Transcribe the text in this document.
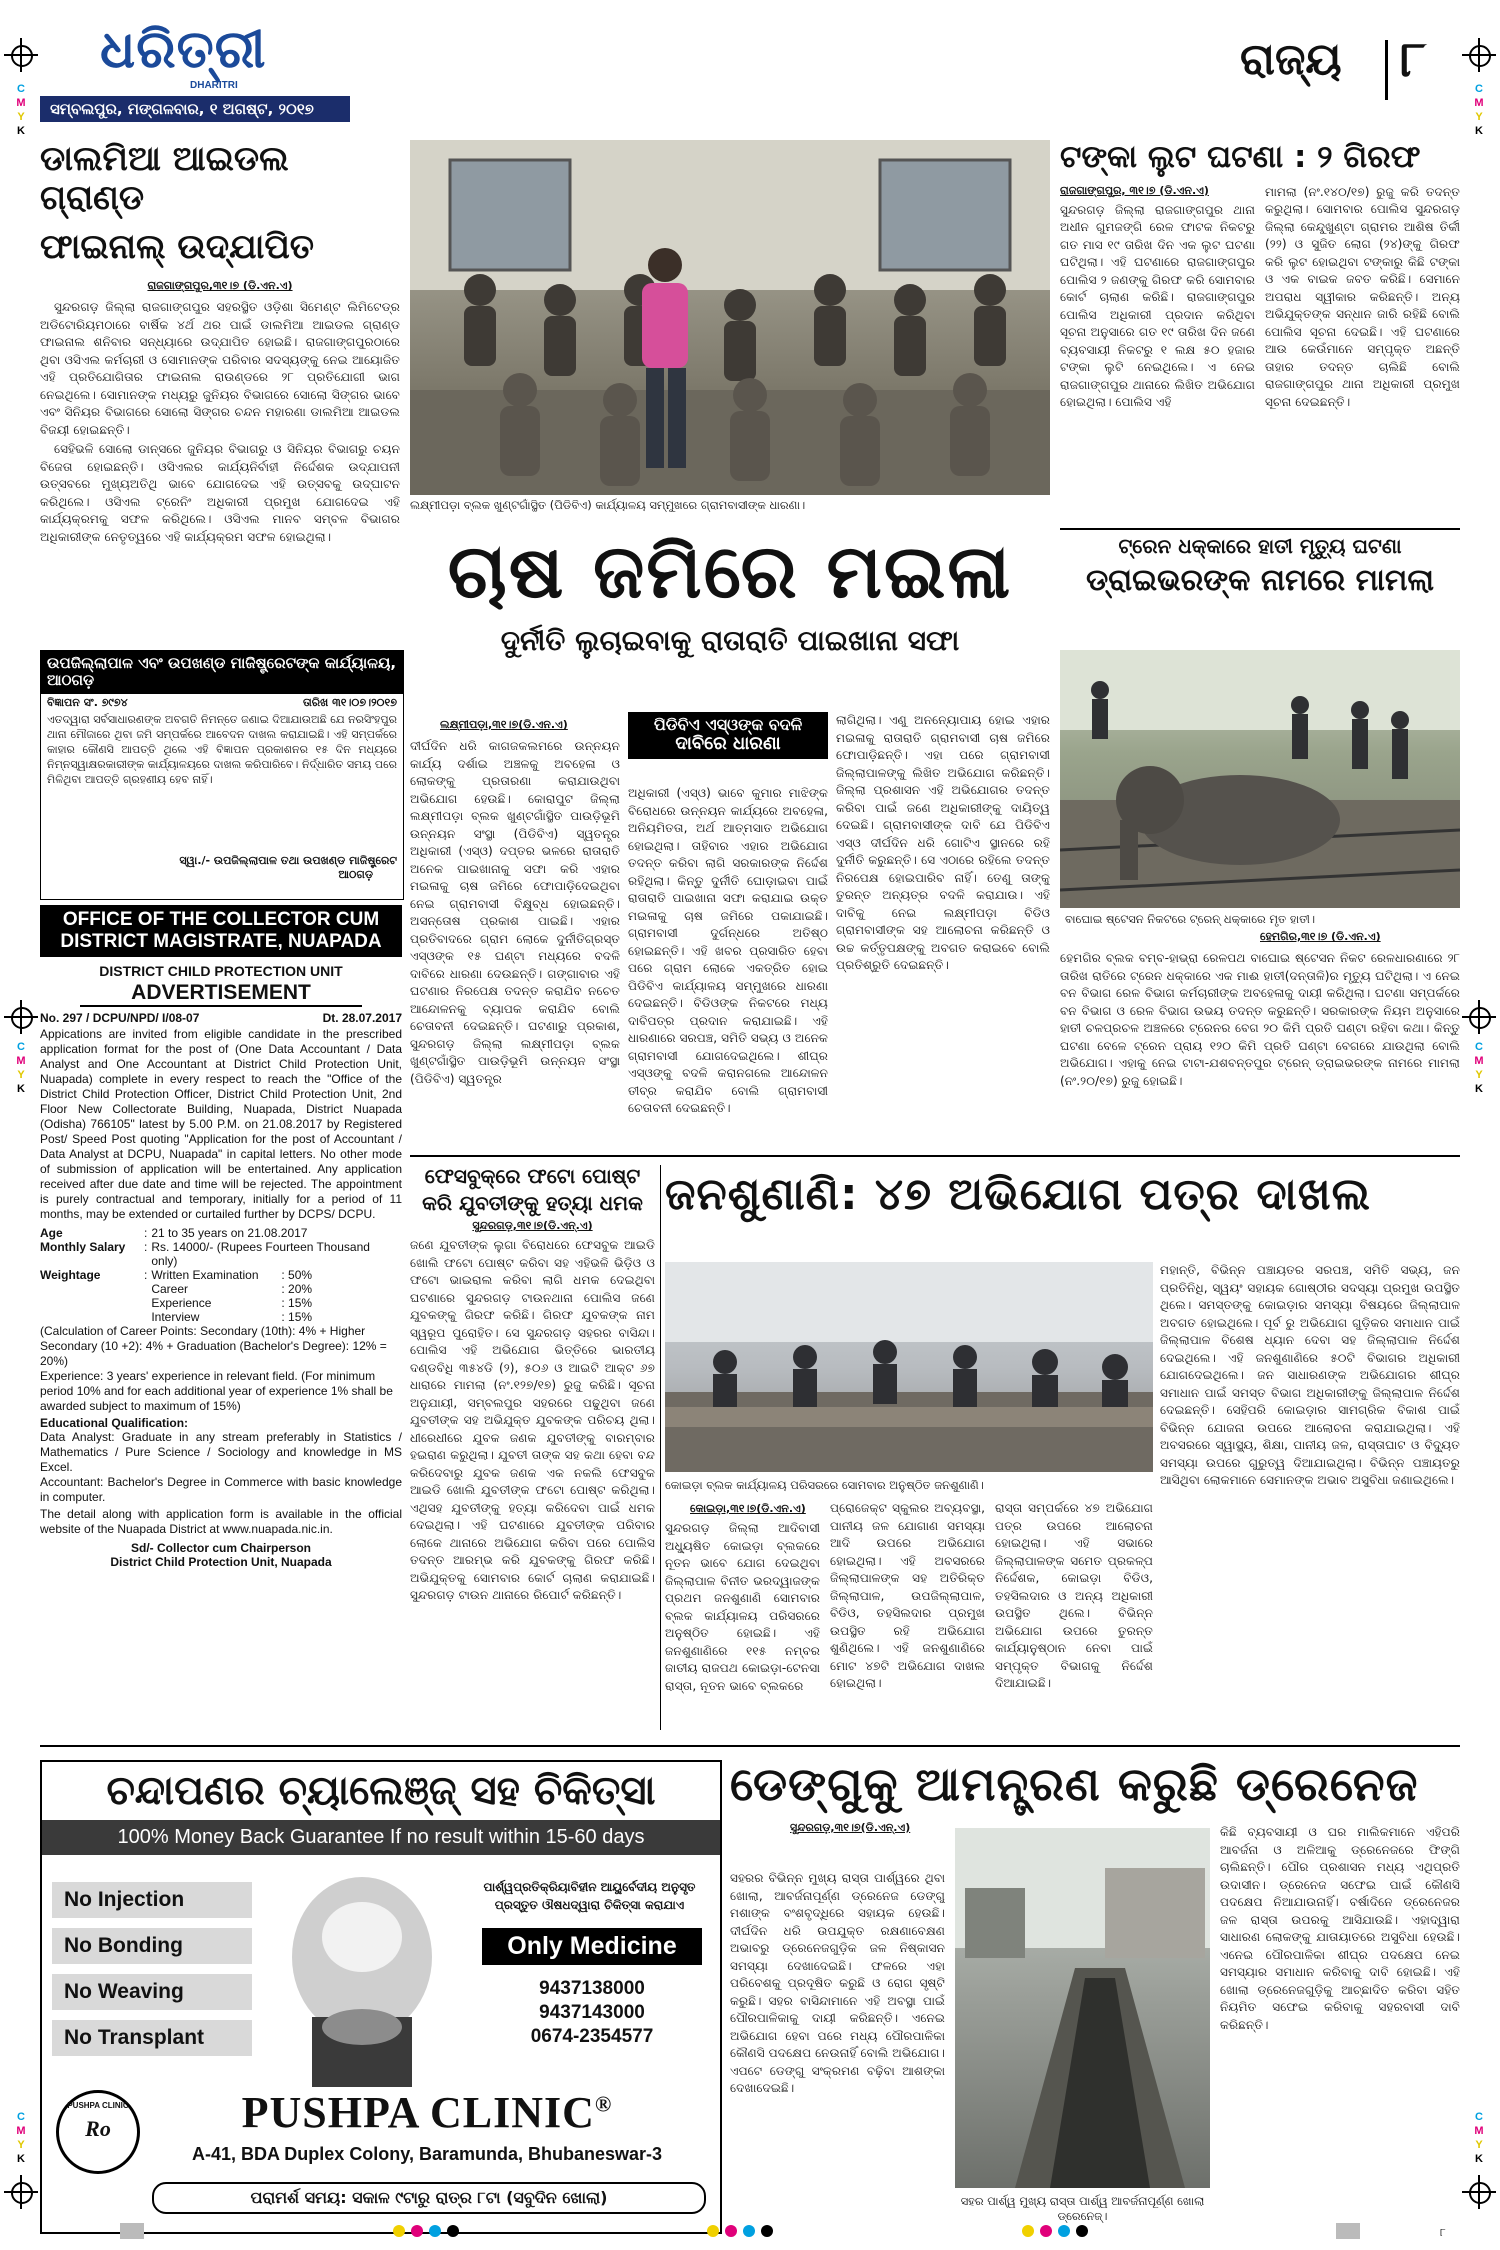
C
M
Y
K
C
M
Y
K
C
M
Y
K
C
M
Y
K
C
M
Y
K
C
M
Y
K
ଧରିତ୍ରୀ
DHARITRI
ସମ୍ବଲପୁର, ମଙ୍ଗଳବାର, ୧ ଅଗଷ୍ଟ, ୨୦୧୭
ରାଜ୍ୟ ୮
ଡାଲମିଆ ଆଇଡଲ ଗ୍ରାଣ୍ଡ
ଫାଇନାଲ୍ ଉଦ୍‌ଯାପିତ
ରାଜଗାଙ୍ଗପୁର,୩୧।୭ (ଡି.ଏନ.ଏ)

ସୁନ୍ଦରଗଡ଼ ଜିଲ୍ଲା ରାଜଗାଙ୍ଗପୁର ସହରସ୍ଥିତ ଓଡ଼ିଶା ସିମେଣ୍ଟ ଲିମିଟେଡ୍‌ର ଅଡିଟୋରିୟମଠାରେ ବାର୍ଷିକ ୪ର୍ଥ ଥର ପାଇଁ ଡାଲମିଆ ଆଇଡଲ ଗ୍ରାଣ୍ଡ ଫାଇନାଲ ଶନିବାର ସନ୍ଧ୍ୟାରେ ଉଦ୍‌ଯାପିତ ହୋଇଛି। ରାଜଗାଙ୍ଗପୁରଠାରେ ଥିବା ଓସିଏଲ କର୍ମଚାରୀ ଓ ସୋମାନଙ୍କ ପରିବାର ସଦସ୍ୟଙ୍କୁ ନେଇ ଆୟୋଜିତ ଏହି ପ୍ରତିଯୋଗିତାର ଫାଇନାଲ ରାଉଣ୍ଡରେ ୨୮ ପ୍ରତିଯୋଗୀ ଭାଗ ନେଇଥିଲେ। ସୋମାନଙ୍କ ମଧ୍ୟରୁ ଜୁନିୟର ବିଭାଗରେ ସୋଲୋ ସିଙ୍ଗର ଭାବେ ଏବଂ ସିନିୟର ବିଭାଗରେ ସୋଲୋ ସିଙ୍ଗର ଚନ୍ଦନ ମହାରଣା ଡାଲମିଆ ଆଇଡଲ ବିଜୟୀ ହୋଇଛନ୍ତି।

ସେହିଭଳି ସୋଲୋ ଡାନ୍ସରେ ଜୁନିୟର ବିଭାଗରୁ ଓ ସିନିୟର ବିଭାଗରୁ ଚୟନ ବିଜେତା ହୋଇଛନ୍ତି। ଓସିଏଲର କାର୍ଯ୍ୟନିର୍ବାହୀ ନିର୍ଦ୍ଦେଶକ ଉଦ୍‌ଯାପନୀ ଉତ୍ସବରେ ମୁଖ୍ୟଅତିଥି ଭାବେ ଯୋଗଦେଇ ଏହି ଉତ୍ସବକୁ ଉଦ୍‌ଘାଟନ କରିଥିଲେ। ଓସିଏଲ ଟ୍ରେନିଂ ଅଧିକାରୀ ପ୍ରମୁଖ ଯୋଗଦେଇ ଏହି କାର୍ଯ୍ୟକ୍ରମକୁ ସଫଳ କରିଥିଲେ। ଓସିଏଲ ମାନବ ସମ୍ବଳ ବିଭାଗର ଅଧିକାରୀଙ୍କ ନେତୃତ୍ୱରେ ଏହି କାର୍ଯ୍ୟକ୍ରମ ସଫଳ ହୋଇଥିଲା।

ଉପଜିଲ୍ଲାପାଳ ଏବଂ ଉପଖଣ୍ଡ ମାଜିଷ୍ଟ୍ରେଟଙ୍କ କାର୍ଯ୍ୟାଳୟ, ଆଠଗଡ଼
ବିଜ୍ଞାପନ ସଂ. ୭୯୭୪	ତାରିଖ ୩୧।୦୭।୨୦୧୭
ଏତଦ୍ୱାରା ସର୍ବସାଧାରଣଙ୍କ ଅବଗତି ନିମନ୍ତେ ଜଣାଇ ଦିଆଯାଉଅଛି ଯେ ନରସିଂହପୁର ଥାନା ମୌଜାରେ ଥିବା ଜମି ସମ୍ପର୍କରେ ଆବେଦନ ଦାଖଲ କରାଯାଇଛି। ଏହି ସମ୍ପର୍କରେ କାହାର କୌଣସି ଆପତ୍ତି ଥିଲେ ଏହି ବିଜ୍ଞାପନ ପ୍ରକାଶନର ୧୫ ଦିନ ମଧ୍ୟରେ ନିମ୍ନସ୍ୱାକ୍ଷରକାରୀଙ୍କ କାର୍ଯ୍ୟାଳୟରେ ଦାଖଲ କରିପାରିବେ। ନିର୍ଦ୍ଧାରିତ ସମୟ ପରେ ମିଳିଥିବା ଆପତ୍ତି ଗ୍ରହଣୀୟ ହେବ ନାହିଁ।
ସ୍ୱା./- ଉପଜିଲ୍ଲାପାଳ ତଥା ଉପଖଣ୍ଡ ମାଜିଷ୍ଟ୍ରେଟ
ଆଠଗଡ଼
OFFICE OF THE COLLECTOR CUM
DISTRICT MAGISTRATE, NUAPADA
DISTRICT CHILD PROTECTION UNIT
ADVERTISEMENT
No. 297 / DCPU/NPD/ I/08-07	Dt. 28.07.2017
Appications are invited from eligible candidate in the prescribed application format for the post of (One Data Accountant / Data Analyst and One Accountant at District Child Protection Unit, Nuapada) complete in every respect to reach the "Office of the District Child Protection Officer, District Child Protection Unit, 2nd Floor New Collectorate Building, Nuapada, District Nuapada (Odisha) 766105" latest by 5.00 P.M. on 21.08.2017 by Registered Post/ Speed Post quoting "Application for the post of Accountant / Data Analyst at DCPU, Nuapada" in capital letters. No other mode of submission of application will be entertained. Any application received after due date and time will be rejected. The appointment is purely contractual and temporary, initially for a period of 11 months, may be extended or curtailed further by DCPS/ DCPU.
Age	:	21 to 35 years on 21.08.2017
Monthly Salary	:	Rs. 14000/- (Rupees Fourteen Thousand only)
Weightage	:	Written Examination : 50%
		Career : 20%
		Experience : 15%
		Interview : 15%
(Calculation of Career Points: Secondary (10th): 4% + Higher Secondary (10 +2): 4% + Graduation (Bachelor's Degree): 12% = 20%)
Experience: 3 years' experience in relevant field. (For minimum period 10% and for each additional year of experience 1% shall be awarded subject to maximum of 15%)
Educational Qualification:
Data Analyst: Graduate in any stream preferably in Statistics / Mathematics / Pure Science / Sociology and knowledge in MS Excel.
Accountant: Bachelor's Degree in Commerce with basic knowledge in computer.
The detail along with application form is available in the official website of the Nuapada District at www.nuapada.nic.in.
Sd/- Collector cum Chairperson
District Child Protection Unit, Nuapada
ଲକ୍ଷ୍ମୀପଡ଼ା ବ୍ଲକ ଖୁଣ୍ଟଗାଁସ୍ଥିତ (ପିଡିବିଏ) କାର୍ଯ୍ୟାଳୟ ସମ୍ମୁଖରେ ଗ୍ରାମବାସୀଙ୍କ ଧାରଣା।
ଟଙ୍କା ଲୁଟ ଘଟଣା : ୨ ଗିରଫ
ରାଜଗାଙ୍ଗପୁର, ୩୧।୭ (ଡି.ଏନ.ଏ)
ସୁନ୍ଦରଗଡ଼ ଜିଲ୍ଲା ରାଜଗାଙ୍ଗପୁର ଥାନା ଅଧୀନ ଗୁମଜଙ୍ଗି ରେଳ ଫାଟକ ନିକଟରୁ ଗତ ମାସ ୧୯ ତାରିଖ ଦିନ ଏକ ଲୁଟ ଘଟଣା ଘଟିଥିଲା। ଏହି ଘଟଣାରେ ରାଜଗାଙ୍ଗପୁର ପୋଲିସ ୨ ଜଣଙ୍କୁ ଗିରଫ କରି ସୋମବାର କୋର୍ଟ ଚାଲାଣ କରିଛି। ରାଜଗାଙ୍ଗପୁର ପୋଲିସ ଅଧିକାରୀ ପ୍ରଦାନ କରିଥିବା ସୂଚନା ଅନୁସାରେ ଗତ ୧୯ ତାରିଖ ଦିନ ଜଣେ ବ୍ୟବସାୟୀ ନିକଟରୁ ୧ ଲକ୍ଷ ୫୦ ହଜାର ଟଙ୍କା ଲୁଟି ନେଇଥିଲେ। ଏ ନେଇ ରାଜଗାଙ୍ଗପୁର ଥାନାରେ ଲିଖିତ ଅଭିଯୋଗ ହୋଇଥିଲା। ପୋଲିସ ଏହି
ମାମଲା (ନଂ.୧୪୦/୧୭) ରୁଜୁ କରି ତଦନ୍ତ କରୁଥିଲା। ସୋମବାର ପୋଲିସ ସୁନ୍ଦରଗଡ଼ ଜିଲ୍ଲା କେନ୍ଦୁଖୁଣ୍ଟା ଗ୍ରାମର ଆଶିଷ ତିର୍କୀ (୨୨) ଓ ସୁଜିତ ଲୋଗ (୨୪)ଙ୍କୁ ଗିରଫ କରି ଲୁଟ ହୋଇଥିବା ଟଙ୍କାରୁ କିଛି ଟଙ୍କା ଓ ଏକ ବାଇକ ଜବତ କରିଛି। ସେମାନେ ଅପରାଧ ସ୍ୱୀକାର କରିଛନ୍ତି। ଅନ୍ୟ ଅଭିଯୁକ୍ତଙ୍କ ସନ୍ଧାନ ଜାରି ରହିଛି ବୋଲି ପୋଲିସ ସୂଚନା ଦେଇଛି। ଏହି ଘଟଣାରେ ଆଉ କେଉଁମାନେ ସମ୍ପୃକ୍ତ ଅଛନ୍ତି ତାହାର ତଦନ୍ତ ଚାଲିଛି ବୋଲି ରାଜଗାଙ୍ଗପୁର ଥାନା ଅଧିକାରୀ ପ୍ରମୁଖ ସୂଚନା ଦେଇଛନ୍ତି।
ଚାଷ ଜମିରେ ମଇଳା
ଦୁର୍ନୀତି ଲୁଚାଇବାକୁ ରାତାରାତି ପାଇଖାନା ସଫା
ଟ୍ରେନ ଧକ୍କାରେ ହାତୀ ମୃତ୍ୟୁ ଘଟଣା
ଡ୍ରାଇଭରଙ୍କ ନାମରେ ମାମଲା
ବାଘୋଇ ଷ୍ଟେସନ ନିକଟରେ ଟ୍ରେନ୍ ଧକ୍କାରେ ମୃତ ହାତୀ।
ହେମଗିର,୩୧।୭ (ଡି.ଏନ.ଏ)
ହେମଗିର ବ୍ଲକ ବମ୍ବ-ହାଭ୍ରା ରେଳପଥ ବାଘୋଇ ଷ୍ଟେସନ ନିକଟ ରେଳଧାରଣାରେ ୨୮ ତାରିଖ ରାତିରେ ଟ୍ରେନ ଧକ୍କାରେ ଏକ ମାଈ ହାତୀ(ଦନ୍ତାଳି)ର ମୃତ୍ୟୁ ଘଟିଥିଲା। ଏ ନେଇ ବନ ବିଭାଗ ରେଳ ବିଭାଗ କର୍ମଚାରୀଙ୍କ ଅବହେଳାକୁ ଦାୟୀ କରିଥିଲା। ଘଟଣା ସମ୍ପର୍କରେ ବନ ବିଭାଗ ଓ ରେଳ ବିଭାଗ ଉଭୟ ତଦନ୍ତ କରୁଛନ୍ତି। ସରକାରଙ୍କ ନିୟମ ଅନୁସାରେ ହାତୀ ଚଳପ୍ରଚଳ ଅଞ୍ଚଳରେ ଟ୍ରେନର ବେଗ ୨୦ କିମି ପ୍ରତି ଘଣ୍ଟା ରହିବା କଥା। କିନ୍ତୁ ଘଟଣା ବେଳେ ଟ୍ରେନ ପ୍ରାୟ ୧୨୦ କିମି ପ୍ରତି ଘଣ୍ଟା ବେଗରେ ଯାଉଥିଲା ବୋଲି ଅଭିଯୋଗ। ଏହାକୁ ନେଇ ଟାଟା-ଯଶବନ୍ତପୁର ଟ୍ରେନ୍ ଡ୍ରାଇଭରଙ୍କ ନାମରେ ମାମଲା (ନଂ.୨୦/୧୭) ରୁଜୁ ହୋଇଛି।
ଲକ୍ଷ୍ମୀପଡ଼ା,୩୧।୭(ଡି.ଏନ.ଏ)
ଦୀର୍ଘଦିନ ଧରି କାଗଜକଲମରେ ଉନ୍ନୟନ କାର୍ଯ୍ୟ ଦର୍ଶାଇ ଅଞ୍ଚଳକୁ ଅବହେଳା ଓ ଲୋକଙ୍କୁ ପ୍ରତାରଣା କରାଯାଉଥିବା ଅଭିଯୋଗ ହେଉଛି। କୋରାପୁଟ ଜିଲ୍ଲା ଲକ୍ଷ୍ମୀପଡ଼ା ବ୍ଲକ ଖୁଣ୍ଟଗାଁସ୍ଥିତ ପାଉଡ଼ିଭୂମି ଉନ୍ନୟନ ସଂସ୍ଥା (ପିଡିବିଏ) ସ୍ୱତନ୍ତ୍ର ଅଧିକାରୀ (ଏସ୍‌ଓ) ଦପ୍ତର ଭଳରେ ରାତାରାତି ଅନେକ ପାଇଖାନାକୁ ସଫା କରି ଏହାର ମଇଳାକୁ ଚାଷ ଜମିରେ ଫୋପାଡ଼ିଦେଇଥିବା ନେଇ ଗ୍ରାମବାସୀ ବିକ୍ଷୁବ୍ଧ ହୋଇଛନ୍ତି। ଅସନ୍ତୋଷ ପ୍ରକାଶ ପାଇଛି। ଏହାର ପ୍ରତିବାଦରେ ଗ୍ରାମ ଲୋକେ ଦୁର୍ନୀତିଗ୍ରସ୍ତ ଏସ୍‌ଓଙ୍କ ୧୫ ଘଣ୍ଟା ମଧ୍ୟରେ ବଦଳି ଦାବିରେ ଧାରଣା ଦେଉଛନ୍ତି। ଗଙ୍ଗାବାର ଏହି ଘଟଣାର ନିରପେକ୍ଷ ତଦନ୍ତ କରାଯିବ ନଚେତ ଆନ୍ଦୋଳନକୁ ବ୍ୟାପକ କରାଯିବ ବୋଲି ଚେତାବନୀ ଦେଇଛନ୍ତି। ଘଟଣାରୁ ପ୍ରକାଶ, ସୁନ୍ଦରଗଡ଼ ଜିଲ୍ଲା ଲକ୍ଷ୍ମୀପଡ଼ା ବ୍ଲକ ଖୁଣ୍ଟଗାଁସ୍ଥିତ ପାଉଡ଼ିଭୂମି ଉନ୍ନୟନ ସଂସ୍ଥା (ପିଡିବିଏ) ସ୍ୱତନ୍ତ୍ର
ପିଡିବିଏ ଏସ୍‌ଓଙ୍କ ବଦଳି
ଦାବିରେ ଧାରଣା
ଅଧିକାରୀ (ଏସ୍‌ଓ) ଭାବେ କୁମାର ମାଝିଙ୍କ ବିରୋଧରେ ଉନ୍ନୟନ କାର୍ଯ୍ୟରେ ଅବହେଳା, ଅନିୟମିତତା, ଅର୍ଥ ଆତ୍ମସାତ ଅଭିଯୋଗ ହୋଇଥିଲା। ତାହିବାର ଏହାର ଅଭିଯୋଗ ତଦନ୍ତ କରିବା ଲାଗି ସରକାରଙ୍କ ନିର୍ଦ୍ଦେଶ ରହିଥିଲା। କିନ୍ତୁ ଦୁର୍ନୀତି ଘୋଡ଼ାଇବା ପାଇଁ ରାତାରାତି ପାଇଖାନା ସଫା କରାଯାଇ ଉକ୍ତ ମଇଳାକୁ ଚାଷ ଜମିରେ ପକାଯାଇଛି। ଗ୍ରାମବାସୀ ଦୁର୍ଗନ୍ଧରେ ଅତିଷ୍ଠ ହୋଇଛନ୍ତି। ଏହି ଖବର ପ୍ରସାରିତ ହେବା ପରେ ଗ୍ରାମ ଲୋକେ ଏକତ୍ରିତ ହୋଇ ପିଡିବିଏ କାର୍ଯ୍ୟାଳୟ ସମ୍ମୁଖରେ ଧାରଣା ଦେଇଛନ୍ତି। ବିଡିଓଙ୍କ ନିକଟରେ ମଧ୍ୟ ଦାବିପତ୍ର ପ୍ରଦାନ କରାଯାଇଛି। ଏହି ଧାରଣାରେ ସରପଞ୍ଚ, ସମିତି ସଭ୍ୟ ଓ ଅନେକ ଗ୍ରାମବାସୀ ଯୋଗଦେଇଥିଲେ। ଶୀଘ୍ର ଏସ୍‌ଓଙ୍କୁ ବଦଳି କରାନଗଲେ ଆନ୍ଦୋଳନ ତୀବ୍ର କରାଯିବ ବୋଲି ଗ୍ରାମବାସୀ ଚେତାବନୀ ଦେଇଛନ୍ତି।
ଲାଗିଥିଲା। ଏଣୁ ଅନନ୍ୟୋପାୟ ହୋଇ ଏହାର ମଇଳାକୁ ରାତାରାତି ଗ୍ରାମବାସୀ ଚାଷ ଜମିରେ ଫୋପାଡ଼ିଛନ୍ତି। ଏହା ପରେ ଗ୍ରାମବାସୀ ଜିଲ୍ଲାପାଳଙ୍କୁ ଲିଖିତ ଅଭିଯୋଗ କରିଛନ୍ତି। ଜିଲ୍ଲା ପ୍ରଶାସନ ଏହି ଅଭିଯୋଗର ତଦନ୍ତ କରିବା ପାଇଁ ଜଣେ ଅଧିକାରୀଙ୍କୁ ଦାୟିତ୍ୱ ଦେଇଛି। ଗ୍ରାମବାସୀଙ୍କ ଦାବି ଯେ ପିଡିବିଏ ଏସ୍‌ଓ ଦୀର୍ଘଦିନ ଧରି ଗୋଟିଏ ସ୍ଥାନରେ ରହି ଦୁର୍ନୀତି କରୁଛନ୍ତି। ସେ ଏଠାରେ ରହିଲେ ତଦନ୍ତ ନିରପେକ୍ଷ ହୋଇପାରିବ ନାହିଁ। ତେଣୁ ତାଙ୍କୁ ତୁରନ୍ତ ଅନ୍ୟତ୍ର ବଦଳି କରାଯାଉ। ଏହି ଦାବିକୁ ନେଇ ଲକ୍ଷ୍ମୀପଡ଼ା ବିଡିଓ ଗ୍ରାମବାସୀଙ୍କ ସହ ଆଲୋଚନା କରିଛନ୍ତି ଓ ଉଚ୍ଚ କର୍ତ୍ତୃପକ୍ଷଙ୍କୁ ଅବଗତ କରାଇବେ ବୋଲି ପ୍ରତିଶ୍ରୁତି ଦେଇଛନ୍ତି।
ଫେସବୁକ୍‌ରେ ଫଟୋ ପୋଷ୍ଟ
କରି ଯୁବତୀଙ୍କୁ ହତ୍ୟା ଧମକ
ସୁନ୍ଦରଗଡ଼,୩୧।୭(ଡି.ଏନ୍.ଏ)
ଜଣେ ଯୁବତୀଙ୍କ ଲୁଗା ବିରୋଧରେ ଫେସବୁକ ଆଇଡି ଖୋଲି ଫଟୋ ପୋଷ୍ଟ କରିବା ସହ ଏହିଭଳି ଭିଡ଼ିଓ ଓ ଫଟୋ ଭାଇରାଲ କରିବା ଲାଗି ଧମକ ଦେଇଥିବା ଘଟଣାରେ ସୁନ୍ଦରଗଡ଼ ଟାଉନଥାନା ପୋଲିସ ଜଣେ ଯୁବକଙ୍କୁ ଗିରଫ କରିଛି। ଗିରଫ ଯୁବକଙ୍କ ନାମ ସ୍ୱରୂପ ପୁରୋହିତ। ସେ ସୁନ୍ଦରଗଡ଼ ସହରର ବାସିନ୍ଦା। ପୋଲିସ ଏହି ଅଭିଯୋଗ ଭିତ୍ତିରେ ଭାରତୀୟ ଦଣ୍ଡବିଧି ୩୫୪ଡି (୨), ୫୦୬ ଓ ଆଇଟି ଆକ୍ଟ ୬୭ ଧାରାରେ ମାମଲା (ନଂ.୧୨୭/୧୭) ରୁଜୁ କରିଛି। ସୂଚନା ଅନୁଯାୟୀ, ସମ୍ବଲପୁର ସହରରେ ପଢୁଥିବା ଜଣେ ଯୁବତୀଙ୍କ ସହ ଅଭିଯୁକ୍ତ ଯୁବକଙ୍କ ପରିଚୟ ଥିଲା। ଧୀରେଧୀରେ ଯୁବକ ଜଣକ ଯୁବତୀଙ୍କୁ ବାରମ୍ବାର ହଇରାଣ କରୁଥିଲା। ଯୁବତୀ ତାଙ୍କ ସହ କଥା ହେବା ବନ୍ଦ କରିଦେବାରୁ ଯୁବକ ଜଣକ ଏକ ନକଲି ଫେସବୁକ ଆଇଡି ଖୋଲି ଯୁବତୀଙ୍କ ଫଟୋ ପୋଷ୍ଟ କରିଥିଲା। ଏଥିସହ ଯୁବତୀଙ୍କୁ ହତ୍ୟା କରିଦେବା ପାଇଁ ଧମକ ଦେଇଥିଲା। ଏହି ଘଟଣାରେ ଯୁବତୀଙ୍କ ପରିବାର ଲୋକେ ଥାନାରେ ଅଭିଯୋଗ କରିବା ପରେ ପୋଲିସ ତଦନ୍ତ ଆରମ୍ଭ କରି ଯୁବକଙ୍କୁ ଗିରଫ କରିଛି। ଅଭିଯୁକ୍ତକୁ ସୋମବାର କୋର୍ଟ ଚାଲାଣ କରାଯାଇଛି। ସୁନ୍ଦରଗଡ଼ ଟାଉନ ଥାନାରେ ରିପୋର୍ଟ କରିଛନ୍ତି।
ଜନଶୁଣାଣି: ୪୭ ଅଭିଯୋଗ ପତ୍ର ଦାଖଲ
କୋଇଡ଼ା ବ୍ଲକ କାର୍ଯ୍ୟାଳୟ ପରିସରରେ ସୋମବାର ଅନୁଷ୍ଠିତ ଜନଶୁଣାଣି।
କୋଇଡ଼ା,୩୧।୭(ଡି.ଏନ.ଏ)
ସୁନ୍ଦରଗଡ଼ ଜିଲ୍ଲା ଆଦିବାସୀ ଅଧ୍ୟୁଷିତ କୋଇଡ଼ା ବ୍ଲକରେ ନୂତନ ଭାବେ ଯୋଗ ଦେଇଥିବା ଜିଲ୍ଲାପାଳ ବିନୀତ ଭରଦ୍ୱାଜଙ୍କ ପ୍ରଥମ ଜନଶୁଣାଣି ସୋମବାର ବ୍ଲକ କାର୍ଯ୍ୟାଳୟ ପରିସରରେ ଅନୁଷ୍ଠିତ ହୋଇଛି। ଏହି ଜନଶୁଣାଣିରେ ୧୧୫ ନମ୍ବର ଜାତୀୟ ରାଜପଥ କୋଇଡ଼ା-ଟେନସା ରାସ୍ତା, ନୂତନ ଭାବେ ବ୍ଲକରେ
ପ୍ରୋଜେକ୍ଟ ସ୍କୁଲର ଅବ୍ୟବସ୍ଥା, ପାନୀୟ ଜଳ ଯୋଗାଣ ସମସ୍ୟା ଆଦି ଉପରେ ଅଭିଯୋଗ ହୋଇଥିଲା। ଏହି ଅବସରରେ ଜିଲ୍ଲାପାଳଙ୍କ ସହ ଅତିରିକ୍ତ ଜିଲ୍ଲାପାଳ, ଉପଜିଲ୍ଲାପାଳ, ବିଡିଓ, ତହସିଲଦାର ପ୍ରମୁଖ ଉପସ୍ଥିତ ରହି ଅଭିଯୋଗ ଶୁଣିଥିଲେ। ଏହି ଜନଶୁଣାଣିରେ ମୋଟ ୪୭ଟି ଅଭିଯୋଗ ଦାଖଲ ହୋଇଥିଲା।
ରାସ୍ତା ସମ୍ପର୍କରେ ୪୭ ଅଭିଯୋଗ ପତ୍ର ଉପରେ ଆଲୋଚନା ହୋଇଥିଲା। ଏହି ସଭାରେ ଜିଲ୍ଲାପାଳଙ୍କ ସମେତ ପ୍ରକଳ୍ପ ନିର୍ଦ୍ଦେଶକ, କୋଇଡ଼ା ବିଡିଓ, ତହସିଲଦାର ଓ ଅନ୍ୟ ଅଧିକାରୀ ଉପସ୍ଥିତ ଥିଲେ। ବିଭିନ୍ନ ଅଭିଯୋଗ ଉପରେ ତୁରନ୍ତ କାର୍ଯ୍ୟାନୁଷ୍ଠାନ ନେବା ପାଇଁ ସମ୍ପୃକ୍ତ ବିଭାଗକୁ ନିର୍ଦ୍ଦେଶ ଦିଆଯାଇଛି।
ମହାନ୍ତି, ବିଭିନ୍ନ ପଞ୍ଚାୟତର ସରପଞ୍ଚ, ସମିତି ସଭ୍ୟ, ଜନ ପ୍ରତିନିଧି, ସ୍ୱୟଂ ସହାୟକ ଗୋଷ୍ଠୀର ସଦସ୍ୟା ପ୍ରମୁଖ ଉପସ୍ଥିତ ଥିଲେ। ସମସ୍ତଙ୍କୁ କୋଇଡ଼ାର ସମସ୍ୟା ବିଷୟରେ ଜିଲ୍ଲାପାଳ ଅବଗତ ହୋଇଥିଲେ। ପୂର୍ବ ରୁ ଅଭିଯୋଗ ଗୁଡ଼ିକର ସମାଧାନ ପାଇଁ ଜିଲ୍ଲାପାଳ ବିଶେଷ ଧ୍ୟାନ ଦେବା ସହ ଜିଲ୍ଲାପାଳ ନିର୍ଦ୍ଦେଶ ଦେଇଥିଲେ। ଏହି ଜନଶୁଣାଣିରେ ୫୦ଟି ବିଭାଗର ଅଧିକାରୀ ଯୋଗଦେଇଥିଲେ। ଜନ ସାଧାରଣଙ୍କ ଅଭିଯୋଗର ଶୀଘ୍ର ସମାଧାନ ପାଇଁ ସମସ୍ତ ବିଭାଗ ଅଧିକାରୀଙ୍କୁ ଜିଲ୍ଲାପାଳ ନିର୍ଦ୍ଦେଶ ଦେଇଛନ୍ତି। ସେହିପରି କୋଇଡ଼ାର ସାମଗ୍ରିକ ବିକାଶ ପାଇଁ ବିଭିନ୍ନ ଯୋଜନା ଉପରେ ଆଲୋଚନା କରାଯାଇଥିଲା। ଏହି ଅବସରରେ ସ୍ୱାସ୍ଥ୍ୟ, ଶିକ୍ଷା, ପାନୀୟ ଜଳ, ରାସ୍ତାଘାଟ ଓ ବିଦ୍ୟୁତ ସମସ୍ୟା ଉପରେ ଗୁରୁତ୍ୱ ଦିଆଯାଇଥିଲା। ବିଭିନ୍ନ ପଞ୍ଚାୟତରୁ ଆସିଥିବା ଲୋକମାନେ ସେମାନଙ୍କ ଅଭାବ ଅସୁବିଧା ଜଣାଇଥିଲେ।
ଚନ୍ଦାପଣର ଚ୍ୟାଲେଞ୍ଜ୍ ସହ ଚିକିତ୍ସା
100% Money Back Guarantee If no result within 15-60 days
No Injection
No Bonding
No Weaving
No Transplant
ପାର୍ଶ୍ୱପ୍ରତିକ୍ରିୟାବିହୀନ ଆୟୁର୍ବେଦୀୟ ଅନୁସୃତ
ପ୍ରସ୍ତୁତ ଔଷଧଦ୍ୱାରା ଚିକିତ୍ସା କରାଯାଏ
Only Medicine
9437138000
9437143000
0674-2354577
PUSHPA CLINIC
Ro	PUSHPA CLINIC®
A-41, BDA Duplex Colony, Baramunda, Bhubaneswar-3
ପରାମର୍ଶ ସମୟ: ସକାଳ ୯ଟାରୁ ରାତ୍ର ୮ଟା (ସବୁଦିନ ଖୋଲା)
ଡେଙ୍ଗୁକୁ ଆମନ୍ତ୍ରଣ କରୁଛି ଡ୍ରେନେଜ
ସୁନ୍ଦରଗଡ଼,୩୧।୭(ଡି.ଏନ୍.ଏ)
ସହରର ବିଭିନ୍ନ ମୁଖ୍ୟ ରାସ୍ତା ପାର୍ଶ୍ୱରେ ଥିବା ଖୋଲା, ଆବର୍ଜନାପୂର୍ଣ୍ଣ ଡ୍ରେନେଜ ଡେଙ୍ଗୁ ମଶାଙ୍କ ବଂଶବୃଦ୍ଧିରେ ସହାୟକ ହେଉଛି। ଦୀର୍ଘଦିନ ଧରି ଉପଯୁକ୍ତ ରକ୍ଷଣାବେକ୍ଷଣ ଅଭାବରୁ ଡ୍ରେନେଜଗୁଡ଼ିକ ଜଳ ନିଷ୍କାସନ ସମସ୍ୟା ଦେଖାଦେଇଛି। ଫଳରେ ଏହା ପରିବେଶକୁ ପ୍ରଦୂଷିତ କରୁଛି ଓ ରୋଗ ସୃଷ୍ଟି କରୁଛି। ସହର ବାସିନ୍ଦାମାନେ ଏହି ଅବସ୍ଥା ପାଇଁ ପୌରପାଳିକାକୁ ଦାୟୀ କରିଛନ୍ତି। ଏନେଇ ଅଭିଯୋଗ ହେବା ପରେ ମଧ୍ୟ ପୌରପାଳିକା କୌଣସି ପଦକ୍ଷେପ ନେଉନାହିଁ ବୋଲି ଅଭିଯୋଗ। ଏପଟେ ଡେଙ୍ଗୁ ସଂକ୍ରମଣ ବଢ଼ିବା ଆଶଙ୍କା ଦେଖାଦେଇଛି।
ସହର ପାର୍ଶ୍ୱ ମୁଖ୍ୟ ରାସ୍ତା ପାର୍ଶ୍ୱ ଆବର୍ଜନାପୂର୍ଣ୍ଣ ଖୋଲା ଡ୍ରେନେଜ୍।
କିଛି ବ୍ୟବସାୟୀ ଓ ଘର ମାଲିକମାନେ ଏହିପରି ଆବର୍ଜନା ଓ ଅଳିଆକୁ ଡ୍ରେନେଜରେ ଫିଙ୍ଗି ଚାଲିଛନ୍ତି। ପୌର ପ୍ରଶାସନ ମଧ୍ୟ ଏଥିପ୍ରତି ଉଦାସୀନ। ଡ୍ରେନେଜ ସଫେଇ ପାଇଁ କୌଣସି ପଦକ୍ଷେପ ନିଆଯାଉନାହିଁ। ବର୍ଷାଦିନେ ଡ୍ରେନେଜର ଜଳ ରାସ୍ତା ଉପରକୁ ଆସିଯାଉଛି। ଏହାଦ୍ୱାରା ସାଧାରଣ ଲୋକଙ୍କୁ ଯାତାୟାତରେ ଅସୁବିଧା ହେଉଛି। ଏନେଇ ପୌରପାଳିକା ଶୀଘ୍ର ପଦକ୍ଷେପ ନେଇ ସମସ୍ୟାର ସମାଧାନ କରିବାକୁ ଦାବି ହୋଇଛି। ଏହି ଖୋଲା ଡ୍ରେନେଜଗୁଡ଼ିକୁ ଆଚ୍ଛାଦିତ କରିବା ସହିତ ନିୟମିତ ସଫେଇ କରିବାକୁ ସହରବାସୀ ଦାବି କରିଛନ୍ତି।
୮
